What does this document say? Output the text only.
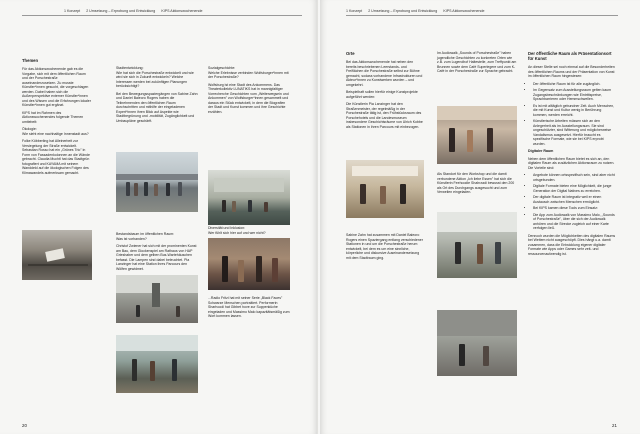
1 Konzept 2 Umsetzung – Erprobung und Entwicklung KIPS Aktionswochenende
Themen

Für das Aktionswochenende gab es die Vorgabe, sich mit dem öffentlichen Raum und der Porschestraße auseinanderzusetzen. Zu musste Künstler*innen gesucht, die vorgeschlagen werden. Dabei haben sich die Außenperspektive externer Künstler*innen und des Wissen und die Erfahrungen lokaler Künstler*innen gut ergänzt.

KIPS hat im Rahmen des Aktionswochenendes folgende Themen umtiebelt:

Ökologie:
Wie sieht eine nachhaltige Innenstadt aus?

Folke Köbberling hat Alleinerbeit zur Versiegelung der Straße entwickelt. Sebastian Rosso hat ein „Grünes Trio" in Form von Fassadenkolonnen an die Wände gebracht. Claudia Muchtl hat das Stadtgrün fotografiert und KAYAMA mit seinem Wanddeld auf die ökologischen Folgen des Klimawandels aufmerksam gemacht.

Stadtentwicklung:
Wie hat sich die Porschestraße entwickelt und wie wird sie sich in Zukunft entwickeln? Welche Interessen werden bei zukünftigen Planungen berücksichtigt?

Bei den Bewegungsspaziergängen von Sabine Zahn und Daniel Baleoro Rogers haben die Teilnehmenden den öffentlichen Raum durchschritten und mithilfe der eingeladenen Expert*innen ihren Blick auf Aspekte wie Stadtbegrünung und -mobilität, Zugänglichkeit und Umbaupläne geschärft.

Bestandsbaum im öffentlichen Raum:
Was ist vorhanden?

Christof Zwiener hat sich mit der prominenten Kunst am Bau, dem Glockenspiel am Rathaus von HAP Grieshaber und dem gelben Bus-Wartehäuschen befasst. Die Lampen sind dabei beleuchtet. Pia Lanzinger hat eine Station ihres Parcours den Wölfen gewidmet.

Sozialgeschichte:
Welche Erlebnisse verbinden Wolfsburger*innen mit der Porschestraße?

Wolfsburg ist eine Stadt des Ankommens. Das Theaterkollektiv LUNATIKS hat in mannigfaltiger Vorrecherche Geschichten vom „Weiterwegsein und Ankommen" von Wolfsburger*innen gesammelt und daraus ein Stück entwickelt, in dem die Biografien der Stadt und Kunst kommen und ihre Geschichte erzählen.

Diversität und Inklusion:
Wer fühlt sich hier auf und wer nicht?

...Radio Fritzi hat mit seiner Serie „Black Faces" Schwarze Menschen portraitiert. Performerin Sharhoodi hat Gibbet hove zur Suppenküche eingeladen und Massimo Malo kapazitätsmäßig zum Wort kommen lassen.

20
1 Konzept 2 Umsetzung – Erprobung und Entwicklung KIPS Aktionswochenende
Orte

Bei das Aktionswochenende hat neben den bereits beschriebenen Leerstands- und Freiflächen die Porschestraße selbst zur Bühne gemacht, sodass vorhandene Infrastrukturen und Akteur*innen zu Kunstwerken wurden – und umgekehrt.

Beispielhaft sollen hierfür einige Kunstprojekte aufgeführt werden:

Die Künstlerin Pia Lanzinger hat den Straßenmeister, der regelmäßig in der Porschestraße tätig ist, den Frühstücksraum des Porschehotels und die Landesmuseum insbesondere Geschichtsräume von Ulrich Kobbe als Stationen in ihren Parcours mit einbezogen.

Sabine Zahn hat zusammen mit Daniel Baleoro Rogers einen Spaziergang entlang verschiedener Stationen in und um die Porschestraße herum entwickelt, bei dem es um eine sinnliche, körperliche und diskursive Auseinandersetzung mit dem Stadtraum ging.

Im Audiowalk „Sounds of Porschestraße" haben jugendliche Geschichten zu konkreten Orten wie z.B. zum Lugendhof Haltestelle, zum Treffpunkt am Brunnen sowie dem Café Superlegere und zum K-Café in der Porschestraße zur Sprache gebracht.

Als Standort für den Workshop und die damit verbundene Aktion „Ich liebe Essen" hat sich die Künstlerin Feehoodie Shahrzadi bewusst den 200 als Ort des Durchgangs ausgesucht und zum Verweilen eingeladen.

Der öffentliche Raum als Präsentationsort für Kunst

An dieser Stelle sei noch einmal auf die Besonderheiten des öffentlichen Raums und der Präsentation von Kunst im öffentlichen Raum hingewiesen:

• Der öffentliche Raum ist für alle zugänglich.
• Im Gegensatz zum Ausstellungsraum gelten kaum Zugangsbeschränkungen wie Eintrittspreise, Sprachbarrieren oder Hemmschwellen.
• Es ist mit alltäglich gebundner Zeit. Auch Menschen, die mit Kunst und Kultur wenig in Berührung kommen, werden erreicht.
• Künstlerische Arbeiten müssen sich an den Anlegerheit als im Ausstellungsraum. Sie sind ungeschützter, sind Witterung und möglicherweise Vandalismus ausgesetzt. Hierfür braucht es spezifische Formate, wie sie bei KIPS erprobt wurden.
Digitaler Raum

Neben dem öffentlichen Raum bietet es sich an, den digitalen Raum als zusätzlichen Aktionsraum zu nutzen. Die Vorteile sind:

• Angebote können ortsspezifisch sein, sind aber nicht ortsgebunden.
• Digitale Formate bieten eine Möglichkeit, die junge Generation der Digital Natives zu erreichen.
• Der digitale Raum ist integrativ weil er einen Austausch zwischen Menschen ermöglicht.
• Bei KIPS kamen diese Tools zum Einsatz:
• Die App zum Audiowalk von Massimo Malo, „Sounds of Porschestraße", über die sich der Audiowalk anhören und die Strecke zugleich auf einer Karte verfolgen ließ.

Dennoch wurden die Möglichkeiten des digitalen Raums bei Weitem nicht ausgeschöpft. Dies hängt u.a. damit zusammen, dass die Entwicklung eigener digitaler Formate wie Apps oder Games sehr zeit- und ressourcenaufwendig ist.

21
